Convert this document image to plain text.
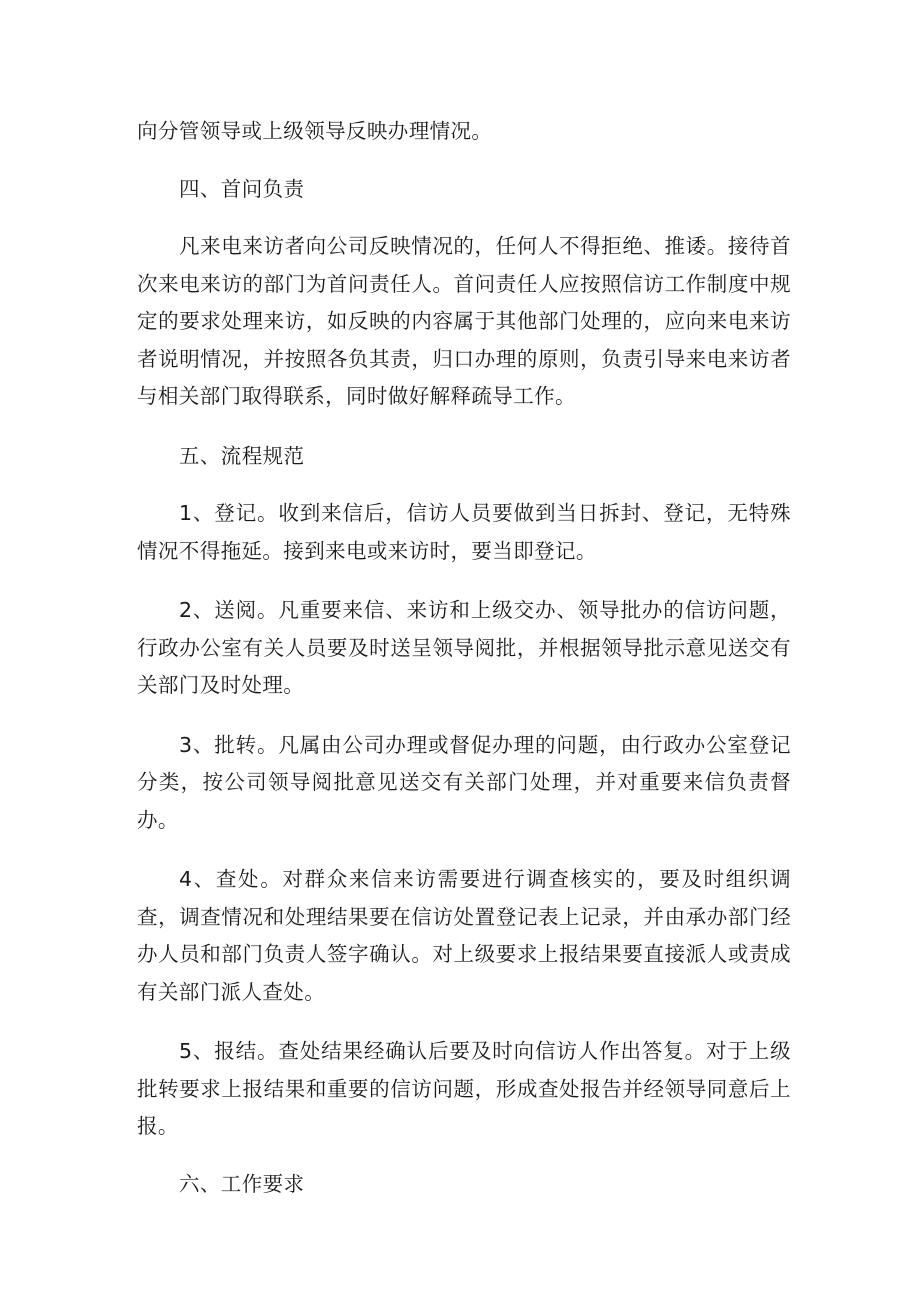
向分管领导或上级领导反映办理情况。

四、首问负责

凡来电来访者向公司反映情况的，任何人不得拒绝、推诿。接待首次来电来访的部门为首问责任人。首问责任人应按照信访工作制度中规定的要求处理来访，如反映的内容属于其他部门处理的，应向来电来访者说明情况，并按照各负其责，归口办理的原则，负责引导来电来访者与相关部门取得联系，同时做好解释疏导工作。

五、流程规范

1、登记。收到来信后，信访人员要做到当日拆封、登记，无特殊情况不得拖延。接到来电或来访时，要当即登记。

2、送阅。凡重要来信、来访和上级交办、领导批办的信访问题，行政办公室有关人员要及时送呈领导阅批，并根据领导批示意见送交有关部门及时处理。

3、批转。凡属由公司办理或督促办理的问题，由行政办公室登记分类，按公司领导阅批意见送交有关部门处理，并对重要来信负责督办。

4、查处。对群众来信来访需要进行调查核实的，要及时组织调查，调查情况和处理结果要在信访处置登记表上记录，并由承办部门经办人员和部门负责人签字确认。对上级要求上报结果要直接派人或责成有关部门派人查处。

5、报结。查处结果经确认后要及时向信访人作出答复。对于上级批转要求上报结果和重要的信访问题，形成查处报告并经领导同意后上报。

六、工作要求
